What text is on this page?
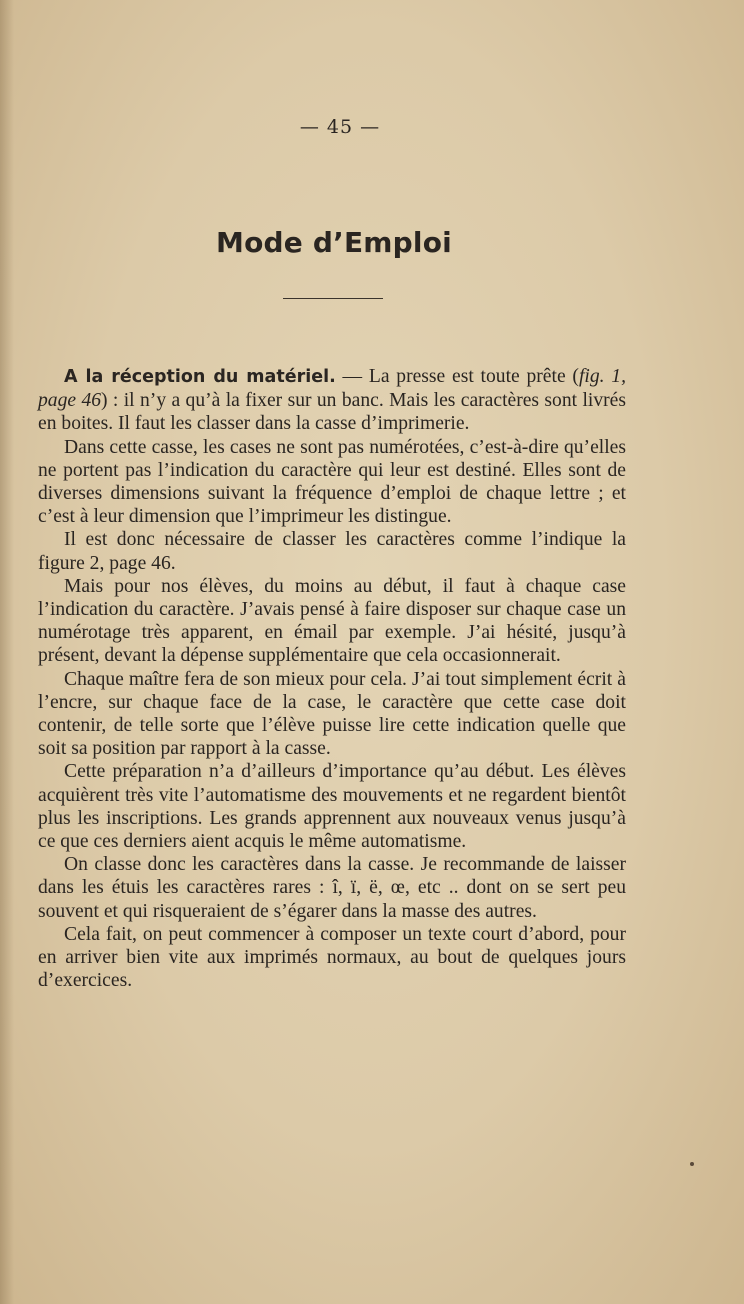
— 45 —
Mode d’Emploi

A la réception du matériel. — La presse est toute prête (fig. 1, page 46) : il n’y a qu’à la fixer sur un banc. Mais les caractères sont livrés en boites. Il faut les classer dans la casse d’imprimerie.

Dans cette casse, les cases ne sont pas numérotées, c’est-à-dire qu’elles ne portent pas l’indication du caractère qui leur est destiné. Elles sont de diverses dimensions suivant la fréquence d’emploi de chaque lettre ; et c’est à leur dimension que l’imprimeur les distingue.

Il est donc nécessaire de classer les caractères comme l’indique la figure 2, page 46.

Mais pour nos élèves, du moins au début, il faut à chaque case l’indication du caractère. J’avais pensé à faire disposer sur chaque case un numérotage très apparent, en émail par exemple. J’ai hésité, jusqu’à présent, devant la dépense supplémentaire que cela occasionnerait.

Chaque maître fera de son mieux pour cela. J’ai tout simplement écrit à l’encre, sur chaque face de la case, le caractère que cette case doit contenir, de telle sorte que l’élève puisse lire cette indication quelle que soit sa position par rapport à la casse.

Cette préparation n’a d’ailleurs d’importance qu’au début. Les élèves acquièrent très vite l’automatisme des mouvements et ne regardent bientôt plus les inscriptions. Les grands apprennent aux nouveaux venus jusqu’à ce que ces derniers aient acquis le même automatisme.

On classe donc les caractères dans la casse. Je recommande de laisser dans les étuis les caractères rares : î, ï, ë, œ, etc .. dont on se sert peu souvent et qui risqueraient de s’égarer dans la masse des autres.

Cela fait, on peut commencer à composer un texte court d’abord, pour en arriver bien vite aux imprimés normaux, au bout de quelques jours d’exercices.
